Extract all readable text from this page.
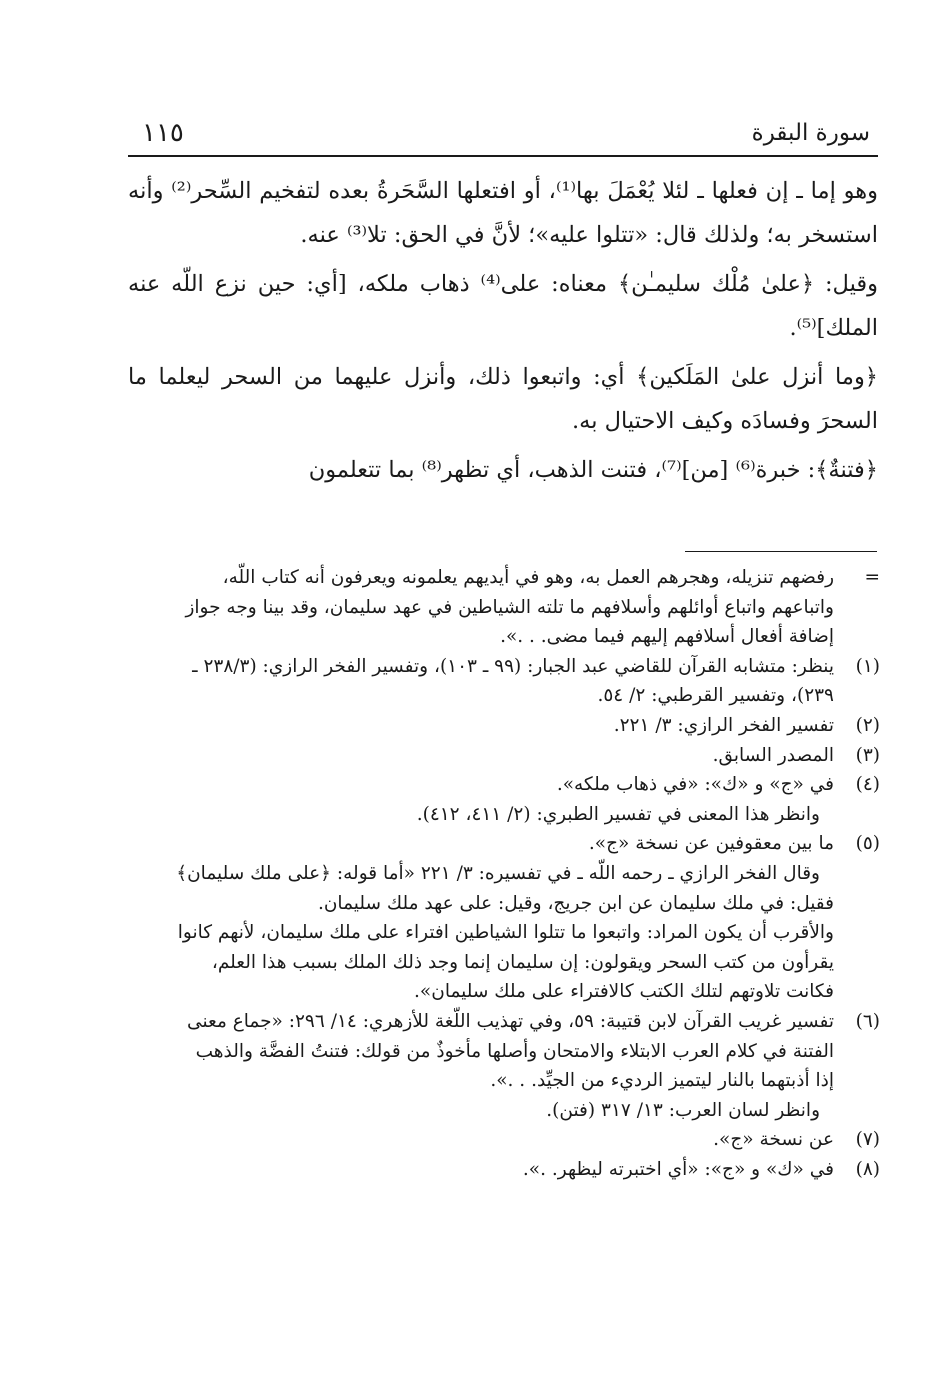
١١٥	سورة البقرة

وهو إما ـ إن فعلها ـ لئلا يُعْمَلَ بها⁽¹⁾، أو افتعلها السَّحَرةُ بعده لتفخيم السِّحر⁽²⁾ وأنه استسخر به؛ ولذلك قال: «تتلوا عليه»؛ لأنَّ في الحق: تلا⁽³⁾ عنه.

وقيل: ﴿علىٰ مُلْك سليمـٰن﴾ معناه: على⁽⁴⁾ ذهاب ملكه، [أي: حين نزع اللّه عنه الملك]⁽⁵⁾.

﴿وما أنزل علىٰ المَلَكين﴾ أي: واتبعوا ذلك، وأنزل عليهما من السحر ليعلما ما السحرَ وفسادَه وكيف الاحتيال به.

﴿فتنةٌ﴾: خبرة⁽⁶⁾ [من]⁽⁷⁾، فتنت الذهب، أي تظهر⁽⁸⁾ بما تتعلمون

=
رفضهم تنزيله، وهجرهم العمل به، وهو في أيديهم يعلمونه ويعرفون أنه كتاب اللّه،
واتباعهم واتباع أوائلهم وأسلافهم ما تلته الشياطين في عهد سليمان، وقد بينا وجه جواز
إضافة أفعال أسلافهم إليهم فيما مضى. . .».
(١)
ينظر: متشابه القرآن للقاضي عبد الجبار: (٩٩ ـ ١٠٣)، وتفسير الفخر الرازي: (٢٣٨/٣ ـ
٢٣٩)، وتفسير القرطبي: ٢/ ٥٤.
(٢)
تفسير الفخر الرازي: ٣/ ٢٢١.
(٣)
المصدر السابق.
(٤)
في «ج» و «ك»: «في ذهاب ملكه».
وانظر هذا المعنى في تفسير الطبري: (٢/ ٤١١، ٤١٢).
(٥)
ما بين معقوفين عن نسخة «ج».
وقال الفخر الرازي ـ رحمه اللّه ـ في تفسيره: ٣/ ٢٢١ «أما قوله: ﴿على ملك سليمان﴾
فقيل: في ملك سليمان عن ابن جريج، وقيل: على عهد ملك سليمان.
والأقرب أن يكون المراد: واتبعوا ما تتلوا الشياطين افتراء على ملك سليمان، لأنهم كانوا
يقرأون من كتب السحر ويقولون: إن سليمان إنما وجد ذلك الملك بسبب هذا العلم،
فكانت تلاوتهم لتلك الكتب كالافتراء على ملك سليمان».
(٦)
تفسير غريب القرآن لابن قتيبة: ٥٩، وفي تهذيب اللّغة للأزهري: ١٤/ ٢٩٦: «جماع معنى
الفتنة في كلام العرب الابتلاء والامتحان وأصلها مأخوذٌ من قولك: فتنتُ الفضَّة والذهب
إذا أذبتهما بالنار ليتميز الرديء من الجيِّد. . .».
وانظر لسان العرب: ١٣/ ٣١٧ (فتن).
(٧)
عن نسخة «ج».
(٨)
في «ك» و «ج»: «أي اختبرته ليظهر. .».
